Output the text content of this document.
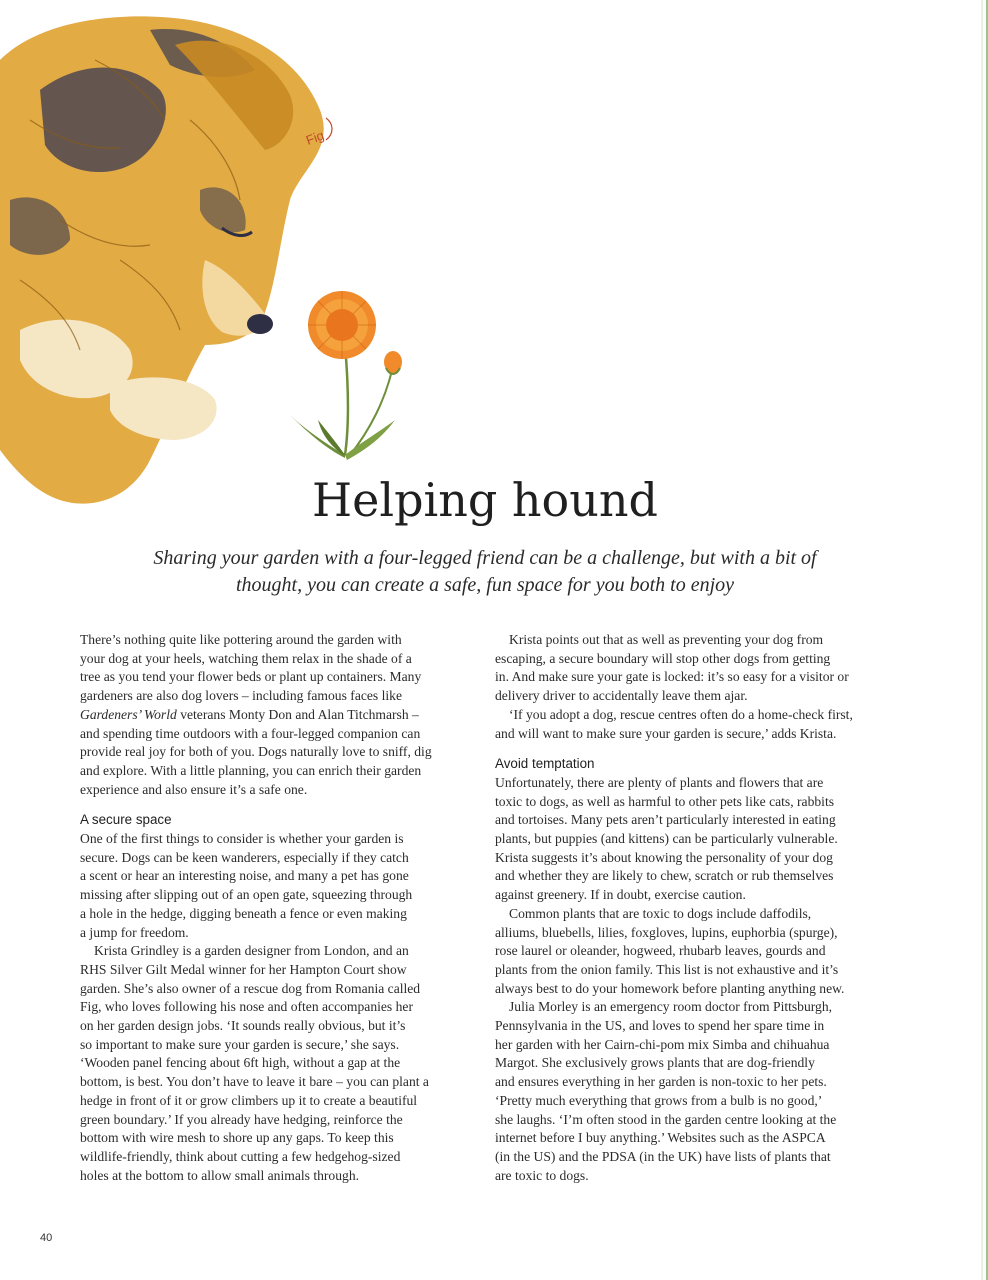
Fig
Helping hound

Sharing your garden with a four-legged friend can be a challenge, but with a bit of
thought, you can create a safe, fun space for you both to enjoy

There’s nothing quite like pottering around the garden with
your dog at your heels, watching them relax in the shade of a
tree as you tend your flower beds or plant up containers. Many
gardeners are also dog lovers – including famous faces like
Gardeners’ World veterans Monty Don and Alan Titchmarsh –
and spending time outdoors with a four-legged companion can
provide real joy for both of you. Dogs naturally love to sniff, dig
and explore. With a little planning, you can enrich their garden
experience and also ensure it’s a safe one.

A secure space

One of the first things to consider is whether your garden is
secure. Dogs can be keen wanderers, especially if they catch
a scent or hear an interesting noise, and many a pet has gone
missing after slipping out of an open gate, squeezing through
a hole in the hedge, digging beneath a fence or even making
a jump for freedom.

Krista Grindley is a garden designer from London, and an
RHS Silver Gilt Medal winner for her Hampton Court show
garden. She’s also owner of a rescue dog from Romania called
Fig, who loves following his nose and often accompanies her
on her garden design jobs. ‘It sounds really obvious, but it’s
so important to make sure your garden is secure,’ she says.
‘Wooden panel fencing about 6ft high, without a gap at the
bottom, is best. You don’t have to leave it bare – you can plant a
hedge in front of it or grow climbers up it to create a beautiful
green boundary.’ If you already have hedging, reinforce the
bottom with wire mesh to shore up any gaps. To keep this
wildlife-friendly, think about cutting a few hedgehog-sized
holes at the bottom to allow small animals through.

Krista points out that as well as preventing your dog from
escaping, a secure boundary will stop other dogs from getting
in. And make sure your gate is locked: it’s so easy for a visitor or
delivery driver to accidentally leave them ajar.

‘If you adopt a dog, rescue centres often do a home-check first,
and will want to make sure your garden is secure,’ adds Krista.

Avoid temptation

Unfortunately, there are plenty of plants and flowers that are
toxic to dogs, as well as harmful to other pets like cats, rabbits
and tortoises. Many pets aren’t particularly interested in eating
plants, but puppies (and kittens) can be particularly vulnerable.
Krista suggests it’s about knowing the personality of your dog
and whether they are likely to chew, scratch or rub themselves
against greenery. If in doubt, exercise caution.

Common plants that are toxic to dogs include daffodils,
alliums, bluebells, lilies, foxgloves, lupins, euphorbia (spurge),
rose laurel or oleander, hogweed, rhubarb leaves, gourds and
plants from the onion family. This list is not exhaustive and it’s
always best to do your homework before planting anything new.

Julia Morley is an emergency room doctor from Pittsburgh,
Pennsylvania in the US, and loves to spend her spare time in
her garden with her Cairn-chi-pom mix Simba and chihuahua
Margot. She exclusively grows plants that are dog-friendly
and ensures everything in her garden is non-toxic to her pets.
‘Pretty much everything that grows from a bulb is no good,’
she laughs. ‘I’m often stood in the garden centre looking at the
internet before I buy anything.’ Websites such as the ASPCA
(in the US) and the PDSA (in the UK) have lists of plants that
are toxic to dogs.

40
